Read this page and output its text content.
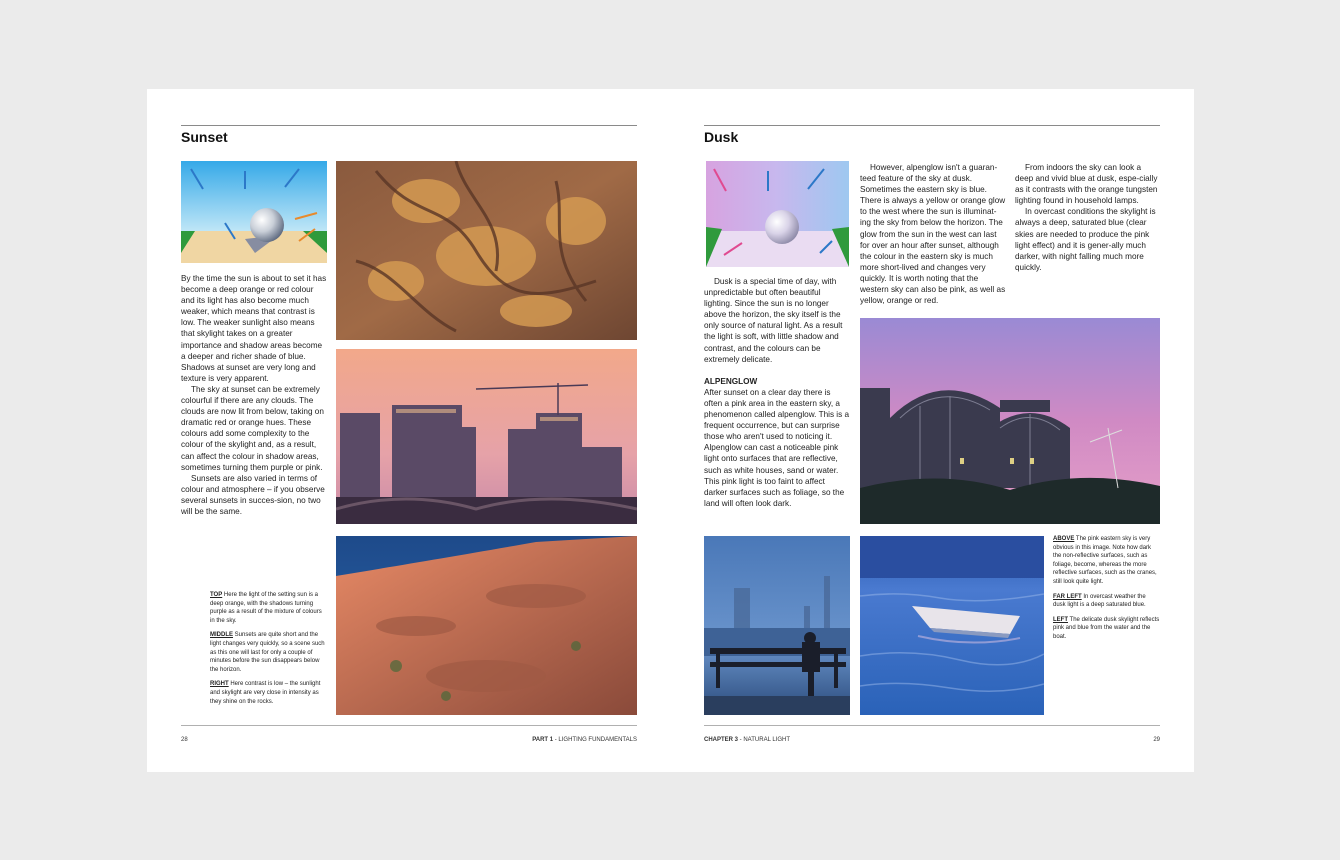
Sunset

By the time the sun is about to set it has become a deep orange or red colour and its light has also become much weaker, which means that contrast is low. The weaker sunlight also means that skylight takes on a greater importance and shadow areas become a deeper and richer shade of blue. Shadows at sunset are very long and texture is very apparent.

The sky at sunset can be extremely colourful if there are any clouds. The clouds are now lit from below, taking on dramatic red or orange hues. These colours add some complexity to the colour of the skylight and, as a result, can affect the colour in shadow areas, sometimes turning them purple or pink.

Sunsets are also varied in terms of colour and atmosphere – if you observe several sunsets in succes-sion, no two will be the same.

TOP Here the light of the setting sun is a deep orange, with the shadows turning purple as a result of the mixture of colours in the sky.

MIDDLE Sunsets are quite short and the light changes very quickly, so a scene such as this one will last for only a couple of minutes before the sun disappears below the horizon.

RIGHT Here contrast is low – the sunlight and skylight are very close in intensity as they shine on the rocks.

28	PART 1 - LIGHTING FUNDAMENTALS
Dusk

Dusk is a special time of day, with unpredictable but often beautiful lighting. Since the sun is no longer above the horizon, the sky itself is the only source of natural light. As a result the light is soft, with little shadow and contrast, and the colours can be extremely delicate.

ALPENGLOW

After sunset on a clear day there is often a pink area in the eastern sky, a phenomenon called alpenglow. This is a frequent occurrence, but can surprise those who aren't used to noticing it. Alpenglow can cast a noticeable pink light onto surfaces that are reflective, such as white houses, sand or water. This pink light is too faint to affect darker surfaces such as foliage, so the land will often look dark.

However, alpenglow isn't a guaran-teed feature of the sky at dusk. Sometimes the eastern sky is blue. There is always a yellow or orange glow to the west where the sun is illuminat-ing the sky from below the horizon. The glow from the sun in the west can last for over an hour after sunset, although the colour in the eastern sky is much more short-lived and changes very quickly. It is worth noting that the western sky can also be pink, as well as yellow, orange or red.

From indoors the sky can look a deep and vivid blue at dusk, espe-cially as it contrasts with the orange tungsten lighting found in household lamps.

In overcast conditions the skylight is always a deep, saturated blue (clear skies are needed to produce the pink light effect) and it is gener-ally much darker, with night falling much more quickly.

ABOVE The pink eastern sky is very obvious in this image. Note how dark the non-reflective surfaces, such as foliage, become, whereas the more reflective surfaces, such as the cranes, still look quite light.

FAR LEFT In overcast weather the dusk light is a deep saturated blue.

LEFT The delicate dusk skylight reflects pink and blue from the water and the boat.

CHAPTER 3 - NATURAL LIGHT	29
